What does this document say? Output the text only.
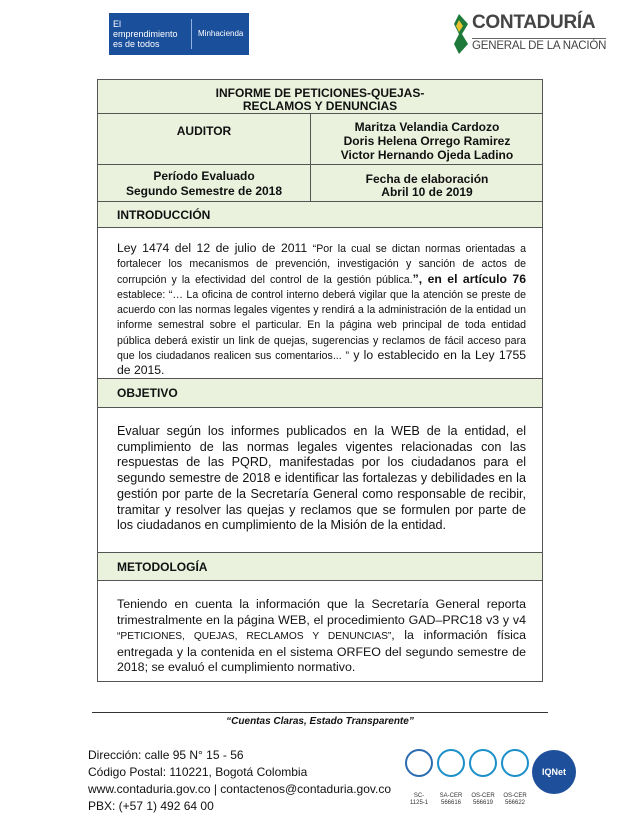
El emprendimiento
es de todos
Minhacienda
CONTADURÍA
GENERAL DE LA NACIÓN
INFORME DE PETICIONES-QUEJAS-
RECLAMOS Y DENUNCIAS
AUDITOR	Maritza Velandia Cardozo
Doris Helena Orrego Ramirez
Victor Hernando Ojeda Ladino
Período Evaluado
Segundo Semestre de 2018
Fecha de elaboración
Abril 10 de 2019
INTRODUCCIÓN
Ley 1474 del 12 de julio de 2011 “Por la cual se dictan normas orientadas a fortalecer los mecanismos de prevención, investigación y sanción de actos de corrupción y la efectividad del control de la gestión pública.”, en el artículo 76 establece: “… La oficina de control interno deberá vigilar que la atención se preste de acuerdo con las normas legales vigentes y rendirá a la administración de la entidad un informe semestral sobre el particular. En la página web principal de toda entidad pública deberá existir un link de quejas, sugerencias y reclamos de fácil acceso para que los ciudadanos realicen sus comentarios... ” y lo establecido en la Ley 1755 de 2015.
OBJETIVO
Evaluar según los informes publicados en la WEB de la entidad, el cumplimiento de las normas legales vigentes relacionadas con las respuestas de las PQRD, manifestadas por los ciudadanos para el segundo semestre de 2018 e identificar las fortalezas y debilidades en la gestión por parte de la Secretaría General como responsable de recibir, tramitar y resolver las quejas y reclamos que se formulen por parte de los ciudadanos en cumplimiento de la Misión de la entidad.
METODOLOGÍA
Teniendo en cuenta la información que la Secretaría General reporta trimestralmente en la página WEB, el procedimiento GAD–PRC18 v3 y v4 “PETICIONES, QUEJAS, RECLAMOS Y DENUNCIAS”, la información física entregada y la contenida en el sistema ORFEO del segundo semestre de 2018; se evaluó el cumplimiento normativo.
“Cuentas Claras, Estado Transparente”
Dirección: calle 95 N° 15 - 56
Código Postal: 110221, Bogotá Colombia
www.contaduria.gov.co | contactenos@contaduria.gov.co
PBX: (+57 1) 492 64 00
SC-
1125-1
SA-CER
566616
OS-CER
566619
OS-CER
566622
IQNet
